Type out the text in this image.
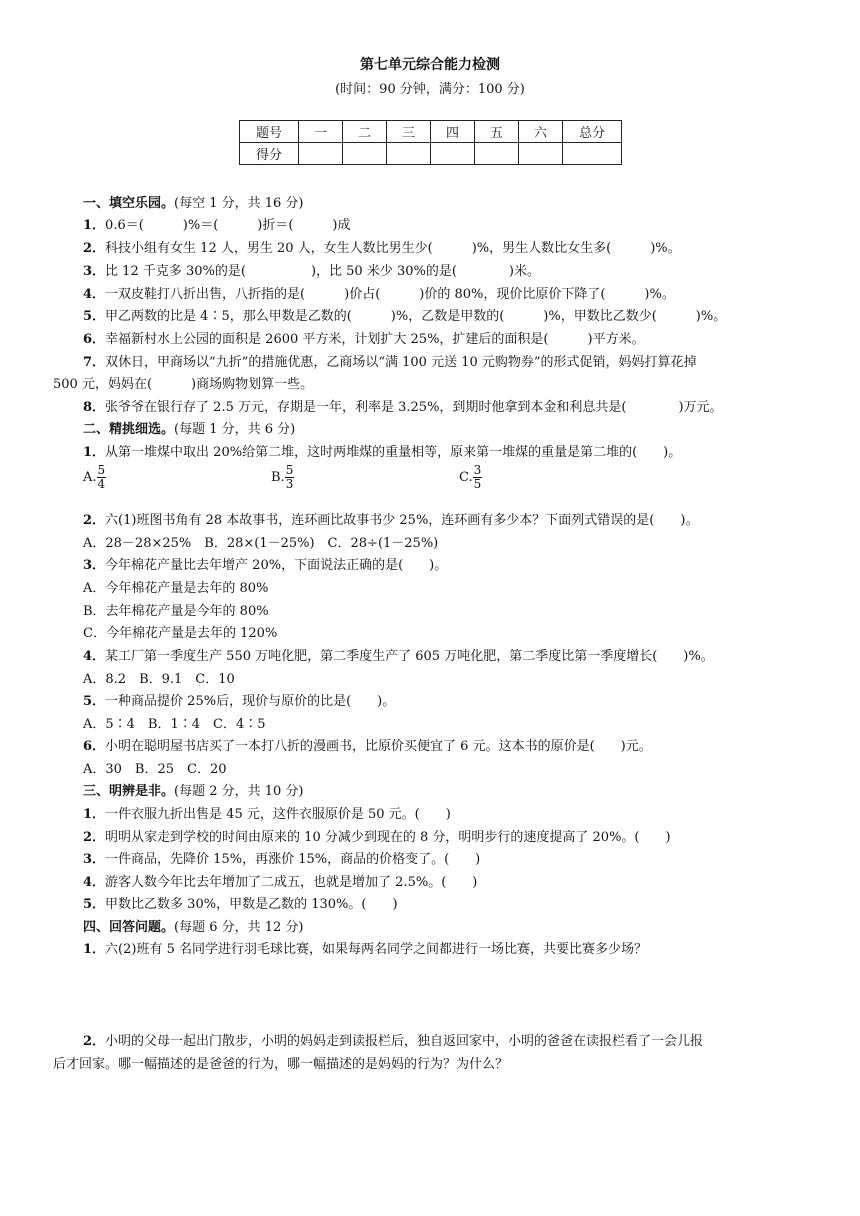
第七单元综合能力检测
(时间：90 分钟，满分：100 分)
题号	一	二	三	四	五	六	总分
得分							
一、填空乐园。(每空 1 分，共 16 分)
1．0.6＝(　　　)%＝(　　　)折＝(　　　)成
2．科技小组有女生 12 人，男生 20 人，女生人数比男生少(　　　)%，男生人数比女生多(　　　)%。
3．比 12 千克多 30%的是(　　　　　)，比 50 米少 30%的是(　　　　)米。
4．一双皮鞋打八折出售，八折指的是(　　　)价占(　　　)价的 80%，现价比原价下降了(　　　)%。
5．甲乙两数的比是 4∶5，那么甲数是乙数的(　　　)%，乙数是甲数的(　　　)%，甲数比乙数少(　　　)%。
6．幸福新村水上公园的面积是 2600 平方米，计划扩大 25%，扩建后的面积是(　　　)平方米。
7．双休日，甲商场以“九折”的措施优惠，乙商场以“满 100 元送 10 元购物券”的形式促销，妈妈打算花掉
500 元，妈妈在(　　　)商场购物划算一些。
8．张爷爷在银行存了 2.5 万元，存期是一年，利率是 3.25%，到期时他拿到本金和利息共是(　　　　)万元。
二、精挑细选。(每题 1 分，共 6 分)
1．从第一堆煤中取出 20%给第二堆，这时两堆煤的重量相等，原来第一堆煤的重量是第二堆的(　　)。
A. $\frac{5}{4}$	B. $\frac{5}{3}$	C. $\frac{3}{5}$
2．六(1)班图书角有 28 本故事书，连环画比故事书少 25%，连环画有多少本？下面列式错误的是(　　)。
A．28－28×25%　B．28×(1－25%)　C．28÷(1－25%)
3．今年棉花产量比去年增产 20%，下面说法正确的是(　　)。
A．今年棉花产量是去年的 80%
B．去年棉花产量是今年的 80%
C．今年棉花产量是去年的 120%
4．某工厂第一季度生产 550 万吨化肥，第二季度生产了 605 万吨化肥，第二季度比第一季度增长(　　)%。
A．8.2　B．9.1　C．10
5．一种商品提价 25%后，现价与原价的比是(　　)。
A．5∶4　B．1∶4　C．4∶5
6．小明在聪明屋书店买了一本打八折的漫画书，比原价买便宜了 6 元。这本书的原价是(　　)元。
A．30　B．25　C．20
三、明辨是非。(每题 2 分，共 10 分)
1．一件衣服九折出售是 45 元，这件衣服原价是 50 元。(　　)
2．明明从家走到学校的时间由原来的 10 分减少到现在的 8 分，明明步行的速度提高了 20%。(　　)
3．一件商品，先降价 15%，再涨价 15%，商品的价格变了。(　　)
4．游客人数今年比去年增加了二成五，也就是增加了 2.5%。(　　)
5．甲数比乙数多 30%，甲数是乙数的 130%。(　　)
四、回答问题。(每题 6 分，共 12 分)
1．六(2)班有 5 名同学进行羽毛球比赛，如果每两名同学之间都进行一场比赛，共要比赛多少场？
2．小明的父母一起出门散步，小明的妈妈走到读报栏后，独自返回家中，小明的爸爸在读报栏看了一会儿报
后才回家。哪一幅描述的是爸爸的行为，哪一幅描述的是妈妈的行为？为什么？
